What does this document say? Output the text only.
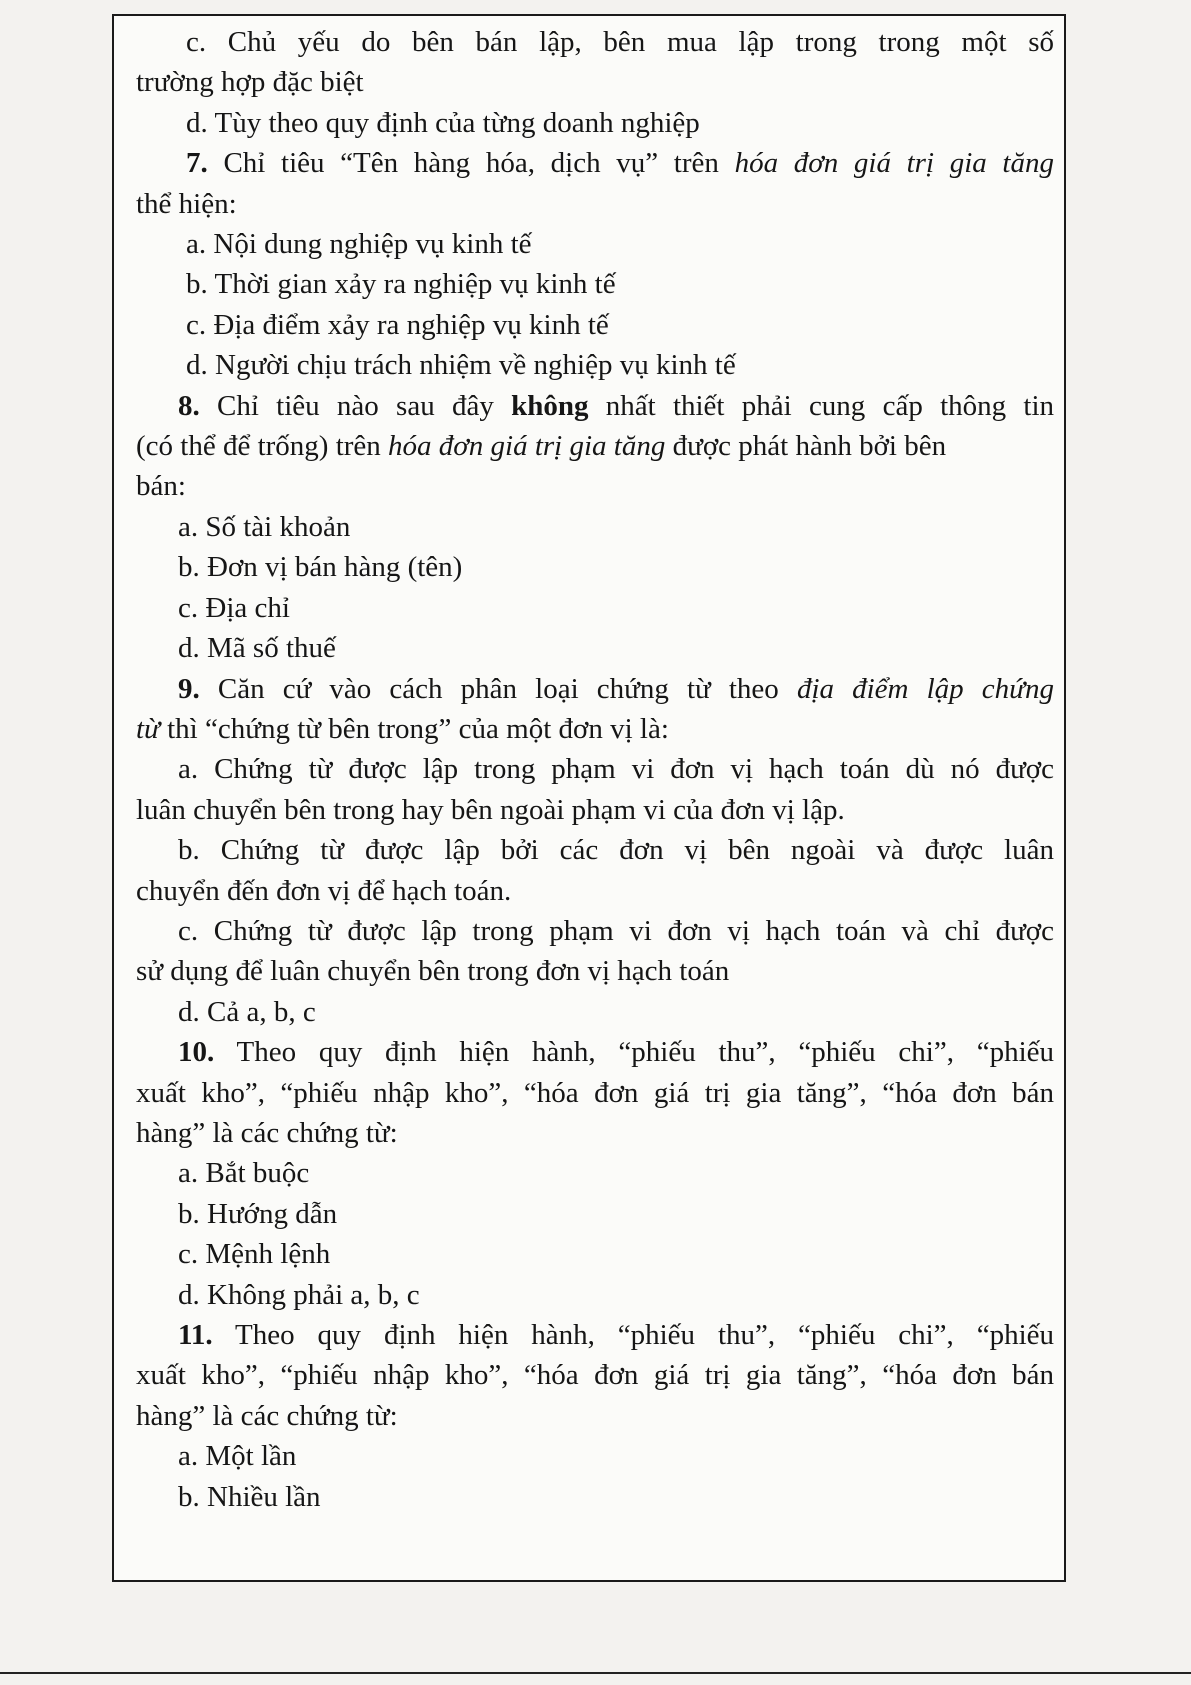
c. Chủ yếu do bên bán lập, bên mua lập trong trong một số
trường hợp đặc biệt
d. Tùy theo quy định của từng doanh nghiệp
7. Chỉ tiêu “Tên hàng hóa, dịch vụ” trên hóa đơn giá trị gia tăng
thể hiện:
a. Nội dung nghiệp vụ kinh tế
b. Thời gian xảy ra nghiệp vụ kinh tế
c. Địa điểm xảy ra nghiệp vụ kinh tế
d. Người chịu trách nhiệm về nghiệp vụ kinh tế
8. Chỉ tiêu nào sau đây không nhất thiết phải cung cấp thông tin
(có thể để trống) trên hóa đơn giá trị gia tăng được phát hành bởi bên
bán:
a. Số tài khoản
b. Đơn vị bán hàng (tên)
c. Địa chỉ
d. Mã số thuế
9. Căn cứ vào cách phân loại chứng từ theo địa điểm lập chứng
từ thì “chứng từ bên trong” của một đơn vị là:
a. Chứng từ được lập trong phạm vi đơn vị hạch toán dù nó được
luân chuyển bên trong hay bên ngoài phạm vi của đơn vị lập.
b. Chứng từ được lập bởi các đơn vị bên ngoài và được luân
chuyển đến đơn vị để hạch toán.
c. Chứng từ được lập trong phạm vi đơn vị hạch toán và chỉ được
sử dụng để luân chuyển bên trong đơn vị hạch toán
d. Cả a, b, c
10. Theo quy định hiện hành, “phiếu thu”, “phiếu chi”, “phiếu
xuất kho”, “phiếu nhập kho”, “hóa đơn giá trị gia tăng”, “hóa đơn bán
hàng” là các chứng từ:
a. Bắt buộc
b. Hướng dẫn
c. Mệnh lệnh
d. Không phải a, b, c
11. Theo quy định hiện hành, “phiếu thu”, “phiếu chi”, “phiếu
xuất kho”, “phiếu nhập kho”, “hóa đơn giá trị gia tăng”, “hóa đơn bán
hàng” là các chứng từ:
a. Một lần
b. Nhiều lần
